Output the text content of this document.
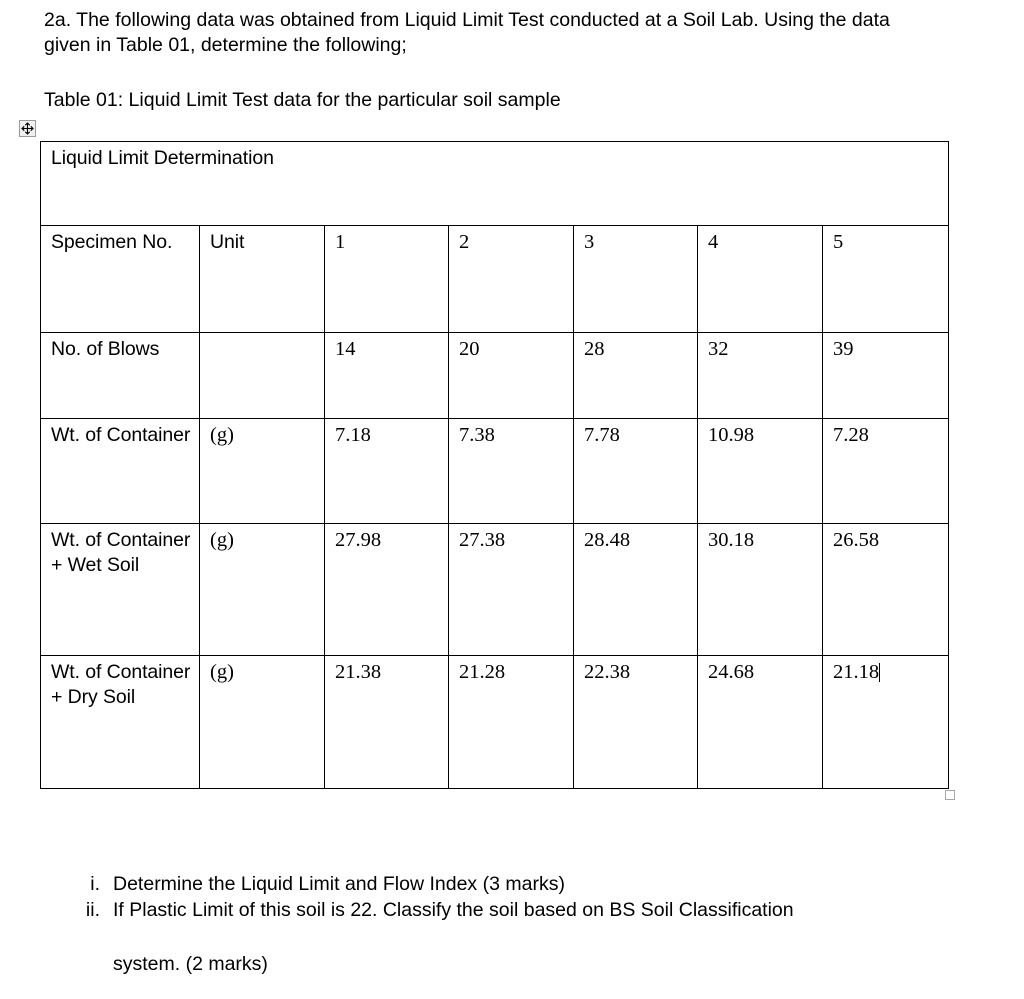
2a. The following data was obtained from Liquid Limit Test conducted at a Soil Lab. Using the data given in Table 01, determine the following;
Table 01: Liquid Limit Test data for the particular soil sample
Liquid Limit Determination						
Specimen No.	Unit	1	2	3	4	5
No. of Blows		14	20	28	32	39
Wt. of Container	(g)	7.18	7.38	7.78	10.98	7.28
Wt. of Container + Wet Soil	(g)	27.98	27.38	28.48	30.18	26.58
Wt. of Container + Dry Soil	(g)	21.38	21.28	22.38	24.68	21.18
i. Determine the Liquid Limit and Flow Index (3 marks)
ii. If Plastic Limit of this soil is 22. Classify the soil based on BS Soil Classification
system. (2 marks)
